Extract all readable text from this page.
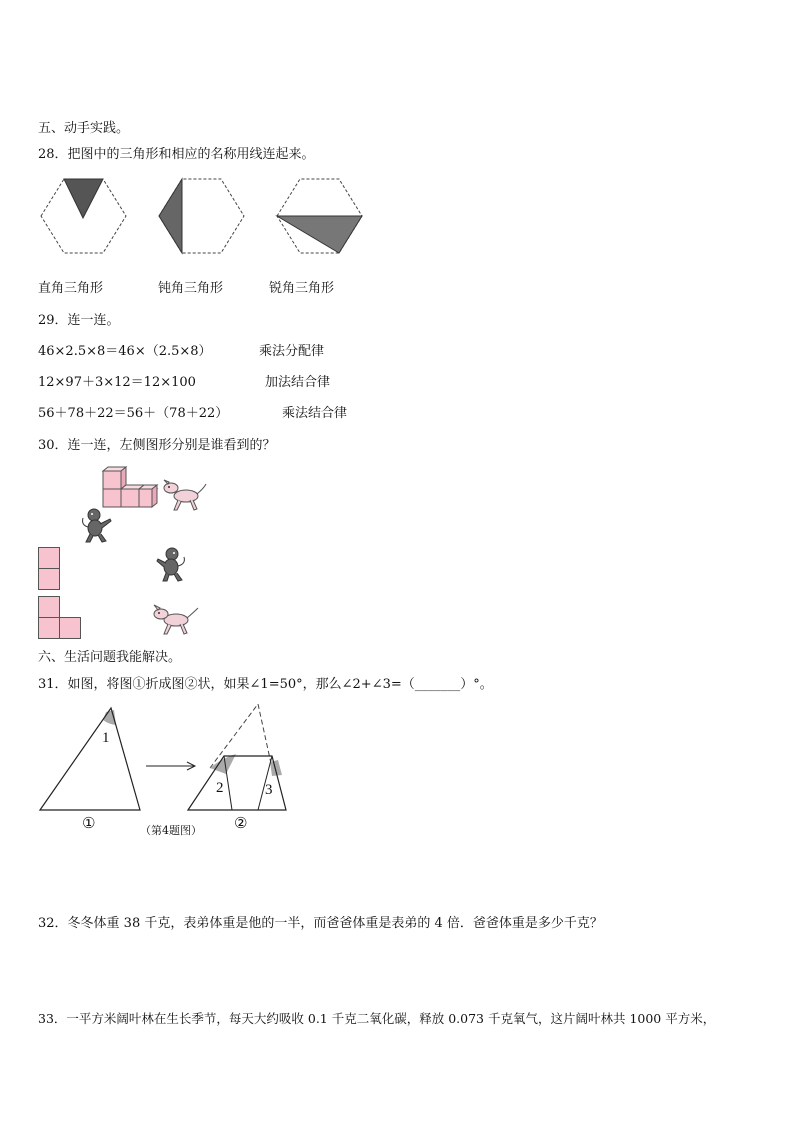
五、动手实践。
28．把图中的三角形和相应的名称用线连起来。
直角三角形	钝角三角形	锐角三角形
29．连一连。
46×2.5×8＝46×（2.5×8）	乘法分配律
12×97＋3×12＝12×100	加法结合律
56＋78＋22＝56＋（78＋22）	乘法结合律
30．连一连，左侧图形分别是谁看到的？
六、生活问题我能解决。
31．如图，将图①折成图②状，如果∠1=50°，那么∠2+∠3=（_______）°。
1
2	3
①	②
（第4题图）
32．冬冬体重 38 千克，表弟体重是他的一半，而爸爸体重是表弟的 4 倍．爸爸体重是多少千克？
33．一平方米阔叶林在生长季节，每天大约吸收 0.1 千克二氧化碳，释放 0.073 千克氧气，这片阔叶林共 1000 平方米，
